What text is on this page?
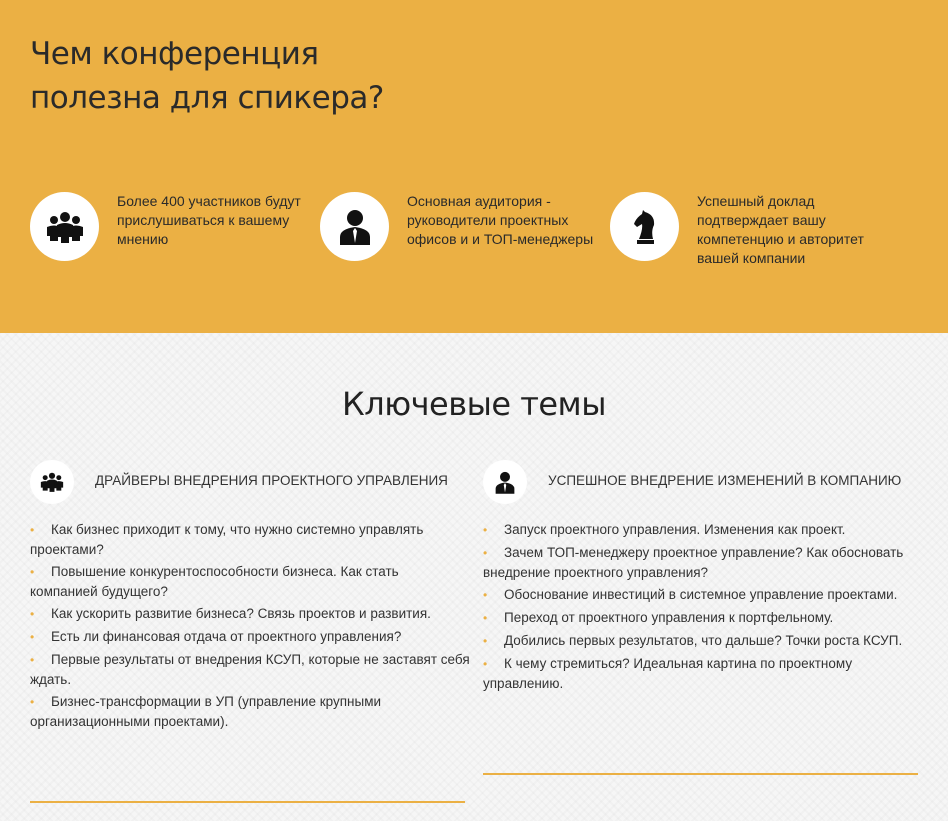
Чем конференция
полезна для спикера?
Более 400 участников будут прислушиваться к вашему мнению
Основная аудитория - руководители проектных офисов и и ТОП-менеджеры
Успешный доклад подтверждает вашу компетенцию и авторитет вашей компании
Ключевые темы
ДРАЙВЕРЫ ВНЕДРЕНИЯ ПРОЕКТНОГО УПРАВЛЕНИЯ
• Как бизнес приходит к тому, что нужно системно управлять проектами?
• Повышение конкурентоспособности бизнеса. Как стать компанией будущего?
• Как ускорить развитие бизнеса? Связь проектов и развития.
• Есть ли финансовая отдача от проектного управления?
• Первые результаты от внедрения КСУП, которые не заставят себя ждать.
• Бизнес-трансформации в УП (управление крупными организационными проектами).
УСПЕШНОЕ ВНЕДРЕНИЕ ИЗМЕНЕНИЙ В КОМПАНИЮ
• Запуск проектного управления. Изменения как проект.
• Зачем ТОП-менеджеру проектное управление? Как обосновать внедрение проектного управления?
• Обоснование инвестиций в системное управление проектами.
• Переход от проектного управления к портфельному.
• Добились первых результатов, что дальше? Точки роста КСУП.
• К чему стремиться? Идеальная картина по проектному управлению.
